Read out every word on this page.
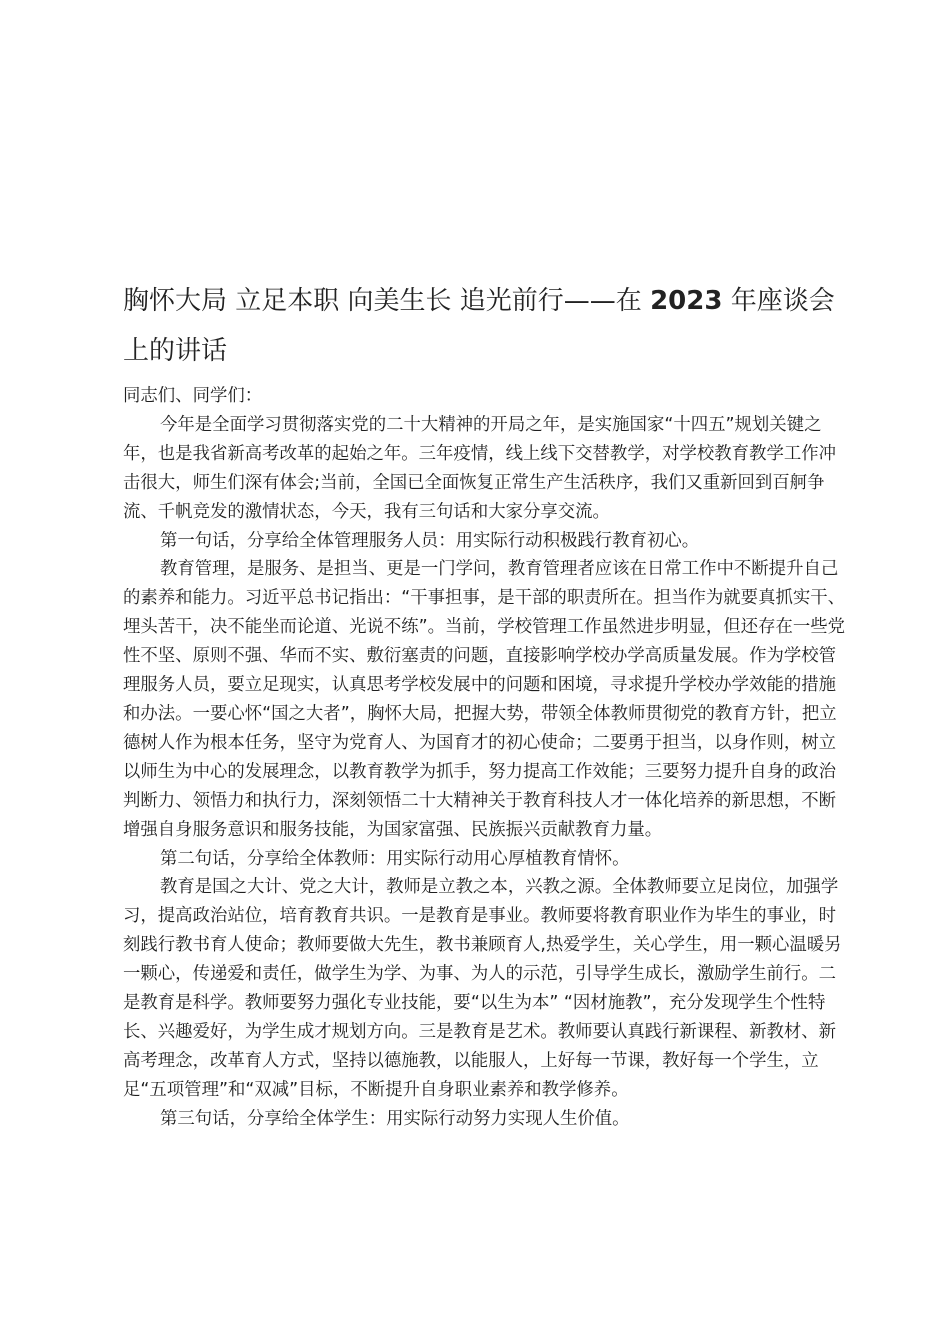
胸怀大局 立足本职 向美生长 追光前行——在 2023 年座谈会上的讲话

同志们、同学们：

今年是全面学习贯彻落实党的二十大精神的开局之年，是实施国家“十四五”规划关键之年，也是我省新高考改革的起始之年。三年疫情，线上线下交替教学，对学校教育教学工作冲击很大，师生们深有体会;当前，全国已全面恢复正常生产生活秩序，我们又重新回到百舸争流、千帆竞发的激情状态，今天，我有三句话和大家分享交流。

第一句话，分享给全体管理服务人员：用实际行动积极践行教育初心。

教育管理，是服务、是担当、更是一门学问，教育管理者应该在日常工作中不断提升自己的素养和能力。习近平总书记指出：“干事担事，是干部的职责所在。担当作为就要真抓实干、埋头苦干，决不能坐而论道、光说不练”。当前，学校管理工作虽然进步明显，但还存在一些党性不坚、原则不强、华而不实、敷衍塞责的问题，直接影响学校办学高质量发展。作为学校管理服务人员，要立足现实，认真思考学校发展中的问题和困境，寻求提升学校办学效能的措施和办法。一要心怀“国之大者”，胸怀大局，把握大势，带领全体教师贯彻党的教育方针，把立德树人作为根本任务，坚守为党育人、为国育才的初心使命；二要勇于担当，以身作则，树立以师生为中心的发展理念，以教育教学为抓手，努力提高工作效能；三要努力提升自身的政治判断力、领悟力和执行力，深刻领悟二十大精神关于教育科技人才一体化培养的新思想，不断增强自身服务意识和服务技能，为国家富强、民族振兴贡献教育力量。

第二句话，分享给全体教师：用实际行动用心厚植教育情怀。

教育是国之大计、党之大计，教师是立教之本，兴教之源。全体教师要立足岗位，加强学习，提高政治站位，培育教育共识。一是教育是事业。教师要将教育职业作为毕生的事业，时刻践行教书育人使命；教师要做大先生，教书兼顾育人,热爱学生，关心学生，用一颗心温暖另一颗心，传递爱和责任，做学生为学、为事、为人的示范，引导学生成长，激励学生前行。二是教育是科学。教师要努力强化专业技能，要“以生为本” “因材施教”，充分发现学生个性特长、兴趣爱好，为学生成才规划方向。三是教育是艺术。教师要认真践行新课程、新教材、新高考理念，改革育人方式，坚持以德施教，以能服人，上好每一节课，教好每一个学生，立足“五项管理”和“双减”目标，不断提升自身职业素养和教学修养。

第三句话，分享给全体学生：用实际行动努力实现人生价值。
